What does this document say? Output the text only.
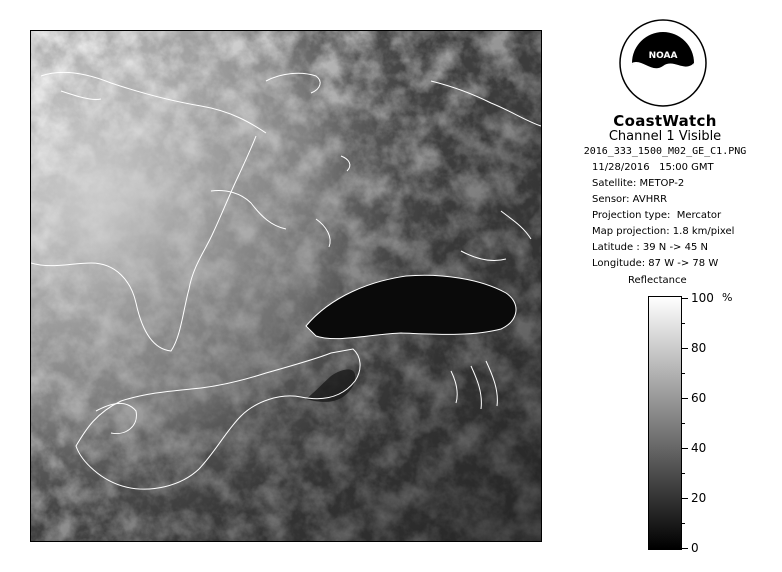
NOAA
CoastWatch
Channel 1 Visible
2016_333_1500_M02_GE_C1.PNG
11/28/2016   15:00 GMT
Satellite: METOP-2
Sensor: AVHRR
Projection type:  Mercator
Map projection: 1.8 km/pixel
Latitude : 39 N -> 45 N
Longitude: 87 W -> 78 W
Reflectance
%
100
80
60
40
20
0
